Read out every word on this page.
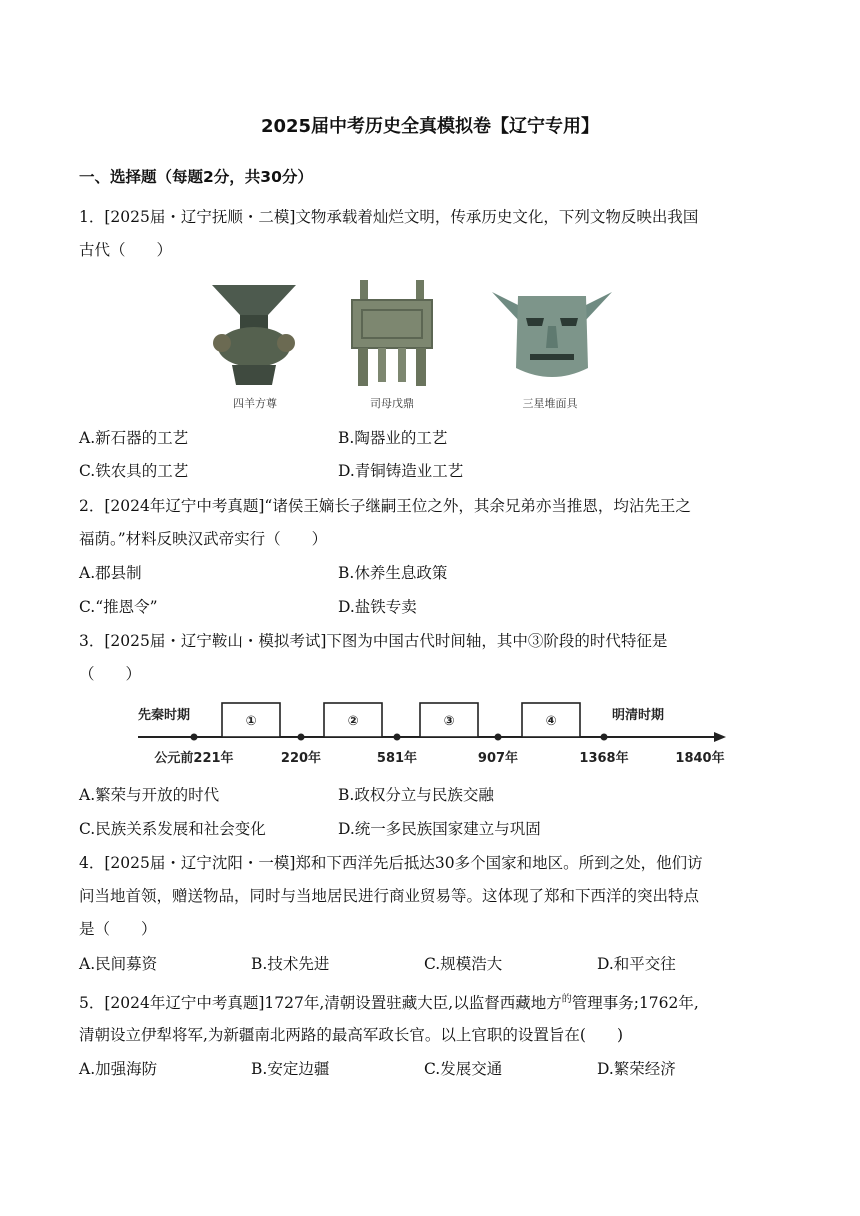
2025届中考历史全真模拟卷【辽宁专用】
一、选择题（每题2分，共30分）
1．[2025届・辽宁抚顺・二模]文物承载着灿烂文明，传承历史文化，下列文物反映出我国
古代（　　）
四羊方尊	司母戊鼎	三星堆面具
A.新石器的工艺	B.陶器业的工艺
C.铁农具的工艺	D.青铜铸造业工艺
2．[2024年辽宁中考真题]“诸侯王嫡长子继嗣王位之外，其余兄弟亦当推恩，均沾先王之
福荫。”材料反映汉武帝实行（　　）
A.郡县制	B.休养生息政策
C.“推恩令”	D.盐铁专卖
3．[2025届・辽宁鞍山・模拟考试]下图为中国古代时间轴，其中③阶段的时代特征是
（　　）
先秦时期	明清时期
①	②	③	④
公元前221年	220年	581年	907年	1368年	1840年
A.繁荣与开放的时代	B.政权分立与民族交融
C.民族关系发展和社会变化	D.统一多民族国家建立与巩固
4．[2025届・辽宁沈阳・一模]郑和下西洋先后抵达30多个国家和地区。所到之处，他们访
问当地首领，赠送物品，同时与当地居民进行商业贸易等。这体现了郑和下西洋的突出特点
是（　　）
A.民间募资	B.技术先进	C.规模浩大	D.和平交往
5．[2024年辽宁中考真题]1727年,清朝设置驻藏大臣,以监督西藏地方$^的$管理事务;1762年,
清朝设立伊犁将军,为新疆南北两路的最高军政长官。以上官职的设置旨在(　　)
A.加强海防	B.安定边疆	C.发展交通	D.繁荣经济
